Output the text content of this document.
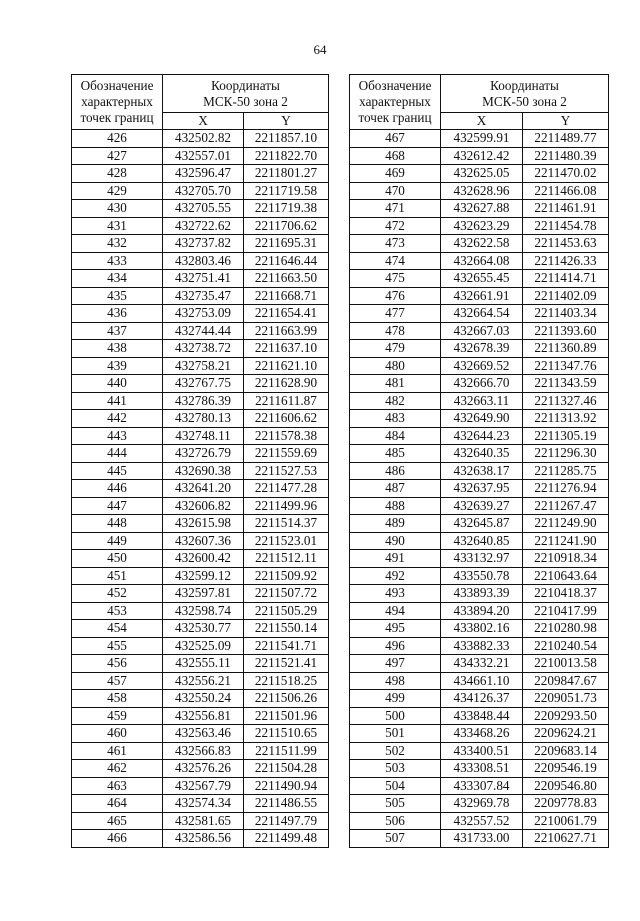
64
Обозначение характерных точек границ	Координаты
МСК-50 зона 2	

	X	Y
426	432502.82	2211857.10
427	432557.01	2211822.70
428	432596.47	2211801.27
429	432705.70	2211719.58
430	432705.55	2211719.38
431	432722.62	2211706.62
432	432737.82	2211695.31
433	432803.46	2211646.44
434	432751.41	2211663.50
435	432735.47	2211668.71
436	432753.09	2211654.41
437	432744.44	2211663.99
438	432738.72	2211637.10
439	432758.21	2211621.10
440	432767.75	2211628.90
441	432786.39	2211611.87
442	432780.13	2211606.62
443	432748.11	2211578.38
444	432726.79	2211559.69
445	432690.38	2211527.53
446	432641.20	2211477.28
447	432606.82	2211499.96
448	432615.98	2211514.37
449	432607.36	2211523.01
450	432600.42	2211512.11
451	432599.12	2211509.92
452	432597.81	2211507.72
453	432598.74	2211505.29
454	432530.77	2211550.14
455	432525.09	2211541.71
456	432555.11	2211521.41
457	432556.21	2211518.25
458	432550.24	2211506.26
459	432556.81	2211501.96
460	432563.46	2211510.65
461	432566.83	2211511.99
462	432576.26	2211504.28
463	432567.79	2211490.94
464	432574.34	2211486.55
465	432581.65	2211497.79
466	432586.56	2211499.48
Обозначение характерных точек границ	Координаты
МСК-50 зона 2	

	X	Y
467	432599.91	2211489.77
468	432612.42	2211480.39
469	432625.05	2211470.02
470	432628.96	2211466.08
471	432627.88	2211461.91
472	432623.29	2211454.78
473	432622.58	2211453.63
474	432664.08	2211426.33
475	432655.45	2211414.71
476	432661.91	2211402.09
477	432664.54	2211403.34
478	432667.03	2211393.60
479	432678.39	2211360.89
480	432669.52	2211347.76
481	432666.70	2211343.59
482	432663.11	2211327.46
483	432649.90	2211313.92
484	432644.23	2211305.19
485	432640.35	2211296.30
486	432638.17	2211285.75
487	432637.95	2211276.94
488	432639.27	2211267.47
489	432645.87	2211249.90
490	432640.85	2211241.90
491	433132.97	2210918.34
492	433550.78	2210643.64
493	433893.39	2210418.37
494	433894.20	2210417.99
495	433802.16	2210280.98
496	433882.33	2210240.54
497	434332.21	2210013.58
498	434661.10	2209847.67
499	434126.37	2209051.73
500	433848.44	2209293.50
501	433468.26	2209624.21
502	433400.51	2209683.14
503	433308.51	2209546.19
504	433307.84	2209546.80
505	432969.78	2209778.83
506	432557.52	2210061.79
507	431733.00	2210627.71
